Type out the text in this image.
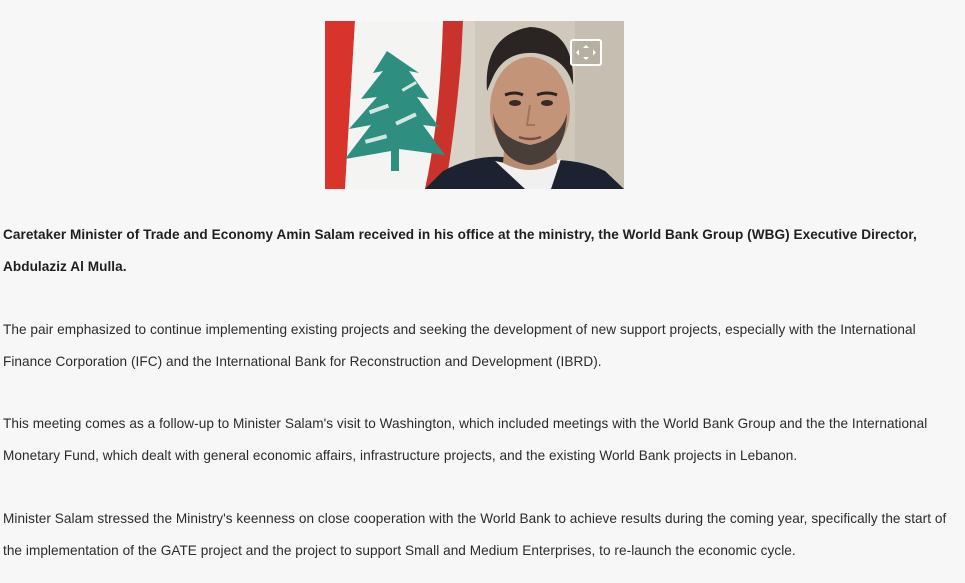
Caretaker Minister of Trade and Economy Amin Salam received in his office at the ministry, the World Bank Group (WBG) Executive Director, Abdulaziz Al Mulla.

The pair emphasized to continue implementing existing projects and seeking the development of new support projects, especially with the International Finance Corporation (IFC) and the International Bank for Reconstruction and Development (IBRD).

This meeting comes as a follow-up to Minister Salam's visit to Washington, which included meetings with the World Bank Group and the the International Monetary Fund, which dealt with general economic affairs, infrastructure projects, and the existing World Bank projects in Lebanon.

Minister Salam stressed the Ministry's keenness on close cooperation with the World Bank to achieve results during the coming year, specifically the start of the implementation of the GATE project and the project to support Small and Medium Enterprises, to re-launch the economic cycle.
